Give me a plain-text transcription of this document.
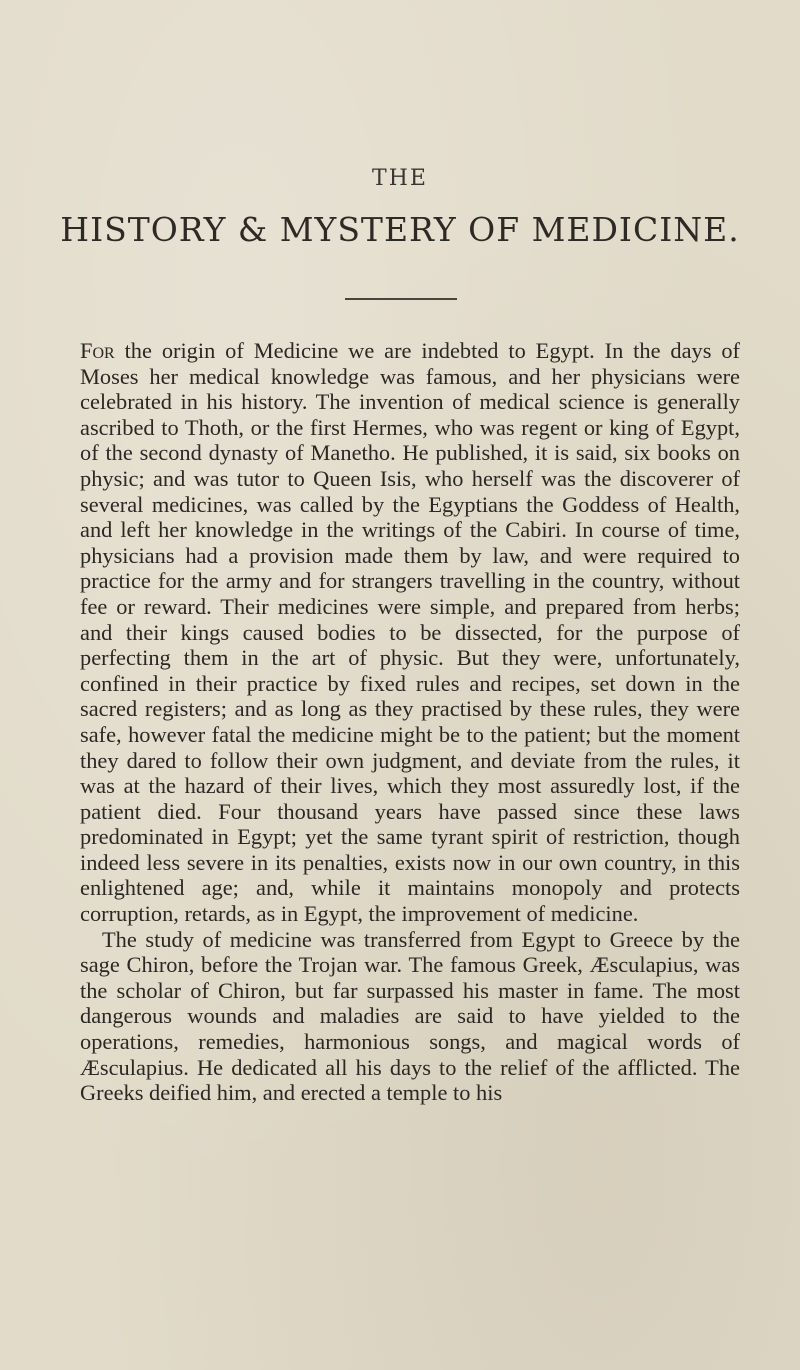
THE
HISTORY & MYSTERY OF MEDICINE.

For the origin of Medicine we are indebted to Egypt. In the days of Moses her medical knowledge was famous, and her physicians were celebrated in his history. The invention of medical science is generally ascribed to Thoth, or the first Hermes, who was regent or king of Egypt, of the second dynasty of Manetho. He published, it is said, six books on physic; and was tutor to Queen Isis, who herself was the discoverer of several medicines, was called by the Egyptians the Goddess of Health, and left her knowledge in the writings of the Cabiri. In course of time, physicians had a provision made them by law, and were required to practice for the army and for strangers travelling in the country, without fee or reward. Their medicines were simple, and prepared from herbs; and their kings caused bodies to be dissected, for the purpose of perfecting them in the art of physic. But they were, unfortunately, confined in their practice by fixed rules and recipes, set down in the sacred registers; and as long as they practised by these rules, they were safe, however fatal the medicine might be to the patient; but the moment they dared to follow their own judgment, and deviate from the rules, it was at the hazard of their lives, which they most assuredly lost, if the patient died. Four thousand years have passed since these laws predominated in Egypt; yet the same tyrant spirit of restriction, though indeed less severe in its penalties, exists now in our own country, in this enlightened age; and, while it maintains monopoly and protects corruption, retards, as in Egypt, the improvement of medicine.

The study of medicine was transferred from Egypt to Greece by the sage Chiron, before the Trojan war. The famous Greek, Æsculapius, was the scholar of Chiron, but far surpassed his master in fame. The most dangerous wounds and maladies are said to have yielded to the operations, remedies, harmonious songs, and magical words of Æsculapius. He dedicated all his days to the relief of the afflicted. The Greeks deified him, and erected a temple to his
